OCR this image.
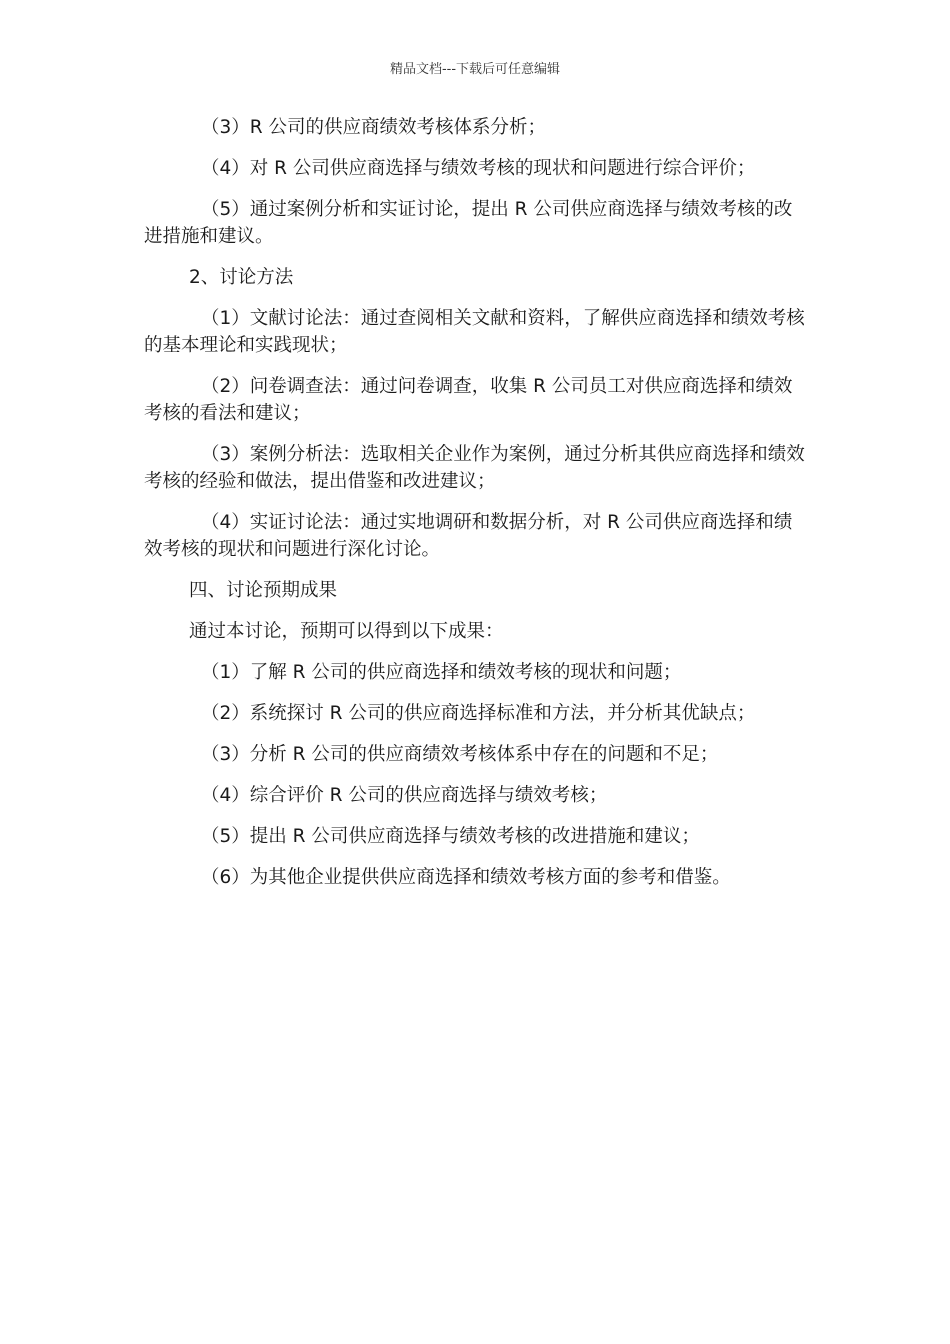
精品文档---下载后可任意编辑

（3）R 公司的供应商绩效考核体系分析；

（4）对 R 公司供应商选择与绩效考核的现状和问题进行综合评价；

（5）通过案例分析和实证讨论，提出 R 公司供应商选择与绩效考核的改进措施和建议。

2、讨论方法

（1）文献讨论法：通过查阅相关文献和资料，了解供应商选择和绩效考核的基本理论和实践现状；

（2）问卷调查法：通过问卷调查，收集 R 公司员工对供应商选择和绩效考核的看法和建议；

（3）案例分析法：选取相关企业作为案例，通过分析其供应商选择和绩效考核的经验和做法，提出借鉴和改进建议；

（4）实证讨论法：通过实地调研和数据分析，对 R 公司供应商选择和绩效考核的现状和问题进行深化讨论。

四、讨论预期成果

通过本讨论，预期可以得到以下成果：

（1）了解 R 公司的供应商选择和绩效考核的现状和问题；

（2）系统探讨 R 公司的供应商选择标准和方法，并分析其优缺点；

（3）分析 R 公司的供应商绩效考核体系中存在的问题和不足；

（4）综合评价 R 公司的供应商选择与绩效考核；

（5）提出 R 公司供应商选择与绩效考核的改进措施和建议；

（6）为其他企业提供供应商选择和绩效考核方面的参考和借鉴。
